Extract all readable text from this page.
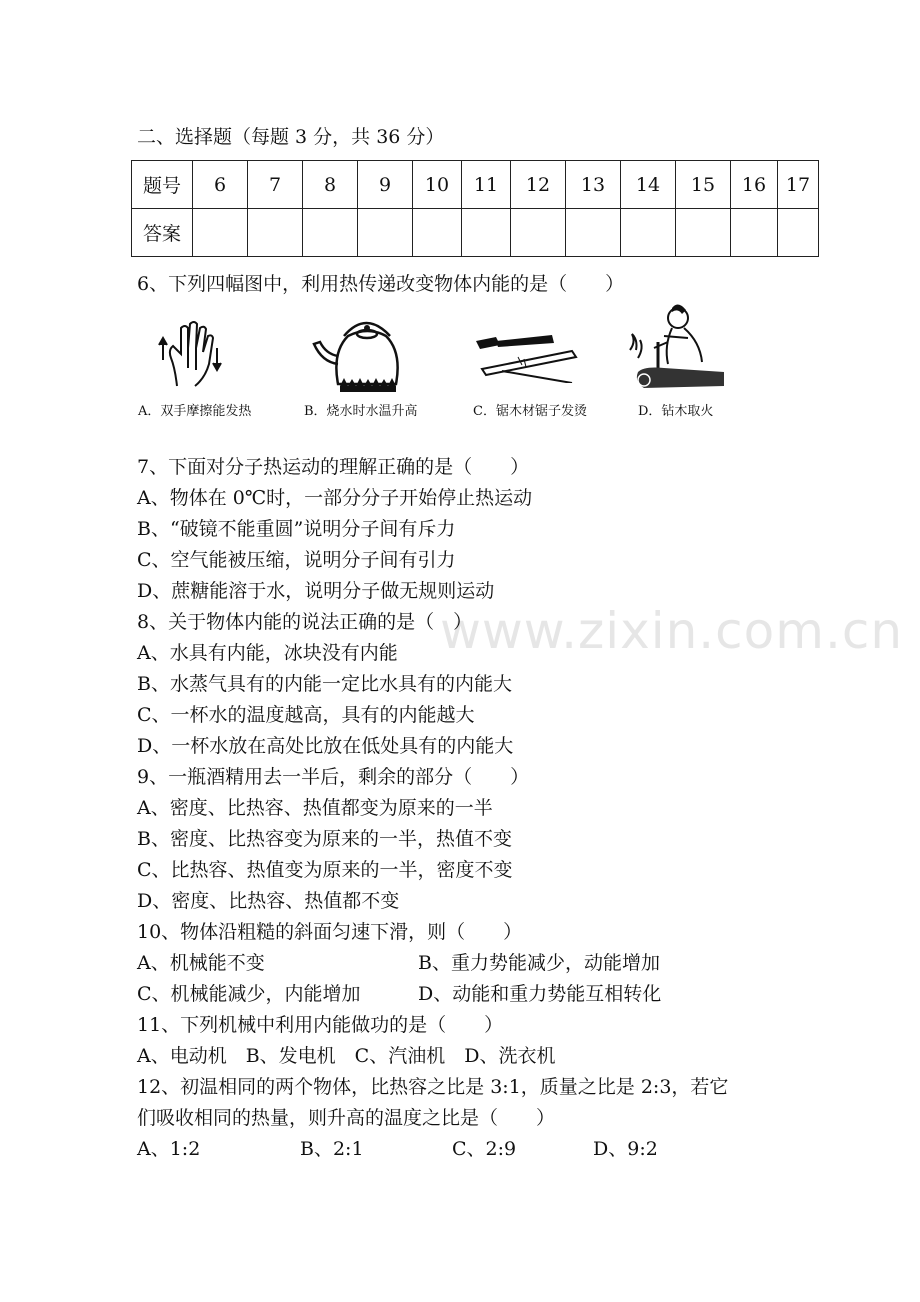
www.zixin.com.cn
二、选择题（每题 3 分，共 36 分）
题号	6	7	8	9	10	11	12	13	14	15	16	17
答案												
6、下列四幅图中，利用热传递改变物体内能的是（　　）
A．双手摩擦能发热	B．烧水时水温升高	C．锯木材锯子发烫	D．钻木取火
7、下面对分子热运动的理解正确的是（　　）
A、物体在 0℃时，一部分分子开始停止热运动
B、“破镜不能重圆”说明分子间有斥力
C、空气能被压缩，说明分子间有引力
D、蔗糖能溶于水，说明分子做无规则运动
8、关于物体内能的说法正确的是（　）
A、水具有内能，冰块没有内能
B、水蒸气具有的内能一定比水具有的内能大
C、一杯水的温度越高，具有的内能越大
D、一杯水放在高处比放在低处具有的内能大
9、一瓶酒精用去一半后，剩余的部分（　　）
A、密度、比热容、热值都变为原来的一半
B、密度、比热容变为原来的一半，热值不变
C、比热容、热值变为原来的一半，密度不变
D、密度、比热容、热值都不变
10、物体沿粗糙的斜面匀速下滑，则（　　）
A、机械能不变	B、重力势能减少，动能增加
C、机械能减少，内能增加	D、动能和重力势能互相转化
11、下列机械中利用内能做功的是（　　）
A、电动机　B、发电机　C、汽油机　D、洗衣机
12、初温相同的两个物体，比热容之比是 3:1，质量之比是 2:3，若它
们吸收相同的热量，则升高的温度之比是（　　）
A、1:2	B、2:1	C、2:9	D、9:2
